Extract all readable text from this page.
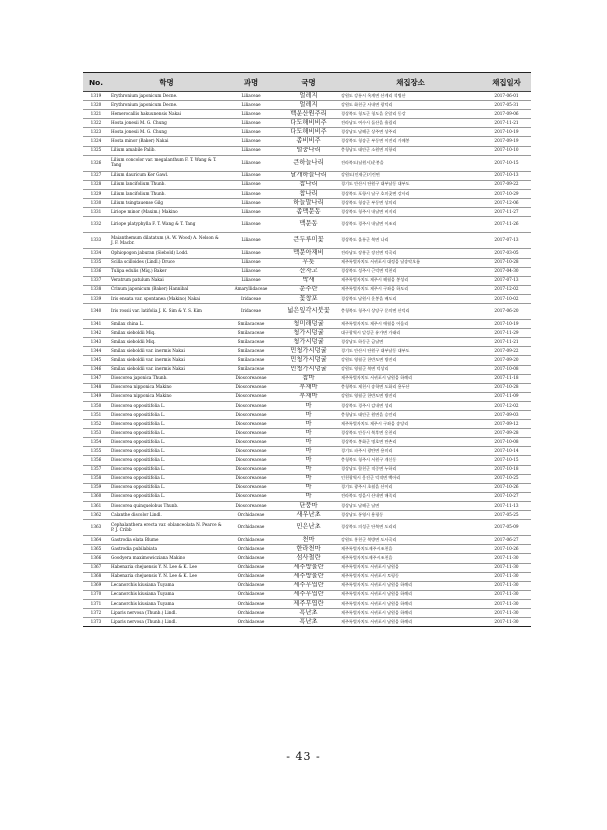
No.	학명	과명	국명	채집장소	채집일자
1319	Erythronium japonicum Decne.	Liliaceae	얼레지	강원도 강릉시 옥계면 산계리 석병산	2017-06-01
1320	Erythronium japonicum Decne.	Liliaceae	얼레지	강원도 화천군 사내면 광덕리	2017-05-31
1321	Hemerocallis hakuunensis Nakai	Liliaceae	백운산원추리	경상북도 청도군 청도읍 운암리 동강	2017-09-06
1322	Hosta jonesii M. G. Chung	Liliaceae	다도해비비추	전라남도 여수시 돌산읍 율림리	2017-11-21
1323	Hosta jonesii M. G. Chung	Liliaceae	다도해비비추	경상남도 남해군 상주면 상주리	2017-10-19
1324	Hosta minor (Baker) Nakai	Liliaceae	좀비비추	경상북도 청송군 부동면 이전리 가메봉	2017-09-19
1325	Lilium amabile Palib.	Liliaceae	털중나리	충청남도 태안군 소원면 의항리	2017-10-10
1326	Lilium concolor var. megalanthum F. T. Wang & T. Tang	Liliaceae	큰하늘나리	전라북도(남원시)운봉읍	2017-10-15
1327	Lilium dauricum Ker Gawl.	Liliaceae	날개하늘나리	강원도(인제군)기린면	2017-10-13
1328	Lilium lancifolium Thunb.	Liliaceae	참나리	경기도 안산시 단원구 대부남동 대부도	2017-09-22
1329	Lilium lancifolium Thunb.	Liliaceae	참나리	경상북도 포항시 남구 호미곶면 강사리	2017-10-29
1330	Lilium tsingtauense Gilg	Liliaceae	하늘말나리	경상북도 청송군 부동면 상의리	2017-12-06
1331	Liriope minor (Maxim.) Makino	Liliaceae	좀맥문동	경상북도 청주시 내남면 비지리	2017-11-27
1332	Liriope platyphylla F. T. Wang & T. Tang	Liliaceae	맥문동	경상북도 경주시 내남면 이조리	2017-11-26
1333	Maianthemum dilatatum (A. W. Wood) A. Nelson & J. F. Macbr.	Liliaceae	큰두루미꽃	경상북도 울릉군 북면 나리	2017-07-13
1334	Ophiopogon jaburan (Siebold) Lodd.	Liliaceae	맥문아재비	전라남도 장흥군 장선면 덕곡리	2017-03-05
1335	Scilla scilloides (Lindl.) Druce	Liliaceae	무릇	제주특별자치도 서귀포시 대정읍 남송악오름	2017-10-28
1336	Tulipa edulis (Miq.) Baker	Liliaceae	산자고	경상북도 성주시 근덕면 덕천리	2017-04-30
1337	Veratrum patulum Nakai	Liliaceae	박새	제주특별자치도 제주시 해월읍 봉성리	2017-07-13
1338	Crinum japonicum (Baker) Hannibal	Amaryllidaceae	문주란	제주특별자치도 제주시 구좌읍 하도리	2017-12-02
1339	Iris ensata var. spontanea (Makino) Nakai	Iridaceae	꽃창포	경상북도 남원시 운봉읍 배도리	2017-10-02
1340	Iris rossii var. latifolia J. K. Sim & Y. S. Kim	Iridaceae	넓은잎각시붓꽃	충청북도 청주시 상당구 문의면 산덕리	2017-06-20
1341	Smilax china L.	Smilacaceae	청미래덩굴	제주특별자치도 제주시 애월읍 어음리	2017-10-19
1342	Smilax sieboldii Miq.	Smilacaceae	청가시덩굴	대구광역시 달성군 유가면 가태리	2017-11-29
1343	Smilax sieboldii Miq.	Smilacaceae	청가시덩굴	경상남도 하동군 금남면	2017-11-21
1344	Smilax sieboldii var. inermis Nakai	Smilacaceae	민청가시덩굴	경기도 안산시 단원구 대부남동 대부도	2017-09-22
1345	Smilax sieboldii var. inermis Nakai	Smilacaceae	민청가시덩굴	강원도 영월군 한반도면 방진리	2017-09-20
1346	Smilax sieboldii var. inermis Nakai	Smilacaceae	민청가시덩굴	강원도 영월군 북면 덕상리	2017-10-08
1347	Dioscorea japonica Thunb.	Dioscoreaceae	참마	제주특별자치도 서귀포시 남원읍 하례리	2017-11-18
1348	Dioscorea nipponica Makino	Dioscoreaceae	부채마	충청북도 제천시 송학면 도화리 용두산	2017-10-28
1349	Dioscorea nipponica Makino	Dioscoreaceae	부채마	강원도 영월군 한반도면 방진리	2017-11-09
1350	Dioscorea oppositifolia L.	Dioscoreaceae	마	경상북도 경주시 감내면 성리	2017-12-02
1351	Dioscorea oppositifolia L.	Dioscoreaceae	마	충청남도 태안군 원면읍 승언리	2017-09-03
1352	Dioscorea oppositifolia L.	Dioscoreaceae	마	제주특별자치도 제주시 구좌읍 송당리	2017-09-12
1353	Dioscorea oppositifolia L.	Dioscoreaceae	마	경상북도 안동시 북후면 옹천리	2017-09-28
1354	Dioscorea oppositifolia L.	Dioscoreaceae	마	경상북도 봉화군 명호면 만촌리	2017-10-08
1355	Dioscorea oppositifolia L.	Dioscoreaceae	마	경기도 파주시 광탄면 용미리	2017-10-14
1356	Dioscorea oppositifolia L.	Dioscoreaceae	마	충청북도 청주시 서원구 개신동	2017-10-15
1357	Dioscorea oppositifolia L.	Dioscoreaceae	마	경상남도 합천군 적중면 누하리	2017-10-18
1358	Dioscorea oppositifolia L.	Dioscoreaceae	마	인천광역시 옹진군 덕적면 백아리	2017-10-25
1359	Dioscorea oppositifolia L.	Dioscoreaceae	마	경기도 광주시 초월읍 산이리	2017-10-26
1360	Dioscorea oppositifolia L.	Dioscoreaceae	마	전라북도 정읍시 산내면 매죽리	2017-10-27
1361	Dioscorea quinquelobus Thunb.	Dioscoreaceae	단풍마	경상남도 남해군 남면	2017-11-13
1362	Calanthe discolor Lindl.	Orchidaceae	새우난초	경상남도 통영시 용평동	2017-05-25
1363	Cephalanthera erecta var. oblanceolata N. Pearce & P. J. Cribb	Orchidaceae	민은난초	경상북도 의성군 단북면 도리리	2017-05-09
1364	Gastrodia elata Blume	Orchidaceae	천마	강원도 홍천군 북방면 도사곡리	2017-06-27
1365	Gastrodia pubilabiata	Orchidaceae	한라천마	제주특별자치도제주시조천읍	2017-10-26
1366	Goodyera maximowicziana Makino	Orchidaceae	섬사철란	제주특별자치도제주시조천읍	2017-11-30
1367	Habenaria chejuensis Y. N. Lee & K. Lee	Orchidaceae	제주방울란	제주특별자치도 서귀포시 남원읍	2017-11-30
1368	Habenaria chejuensis Y. N. Lee & K. Lee	Orchidaceae	제주방울란	제주특별자치도 서귀포시 토평동	2017-11-30
1369	Lecanorchis kiusiana Tuyama	Orchidaceae	제주무엽란	제주특별자치도 서귀포시 남원읍 하례리	2017-11-30
1370	Lecanorchis kiusiana Tuyama	Orchidaceae	제주무엽란	제주특별자치도 서귀포시 남원읍 하례리	2017-11-30
1371	Lecanorchis kiusiana Tuyama	Orchidaceae	제주무엽란	제주특별자치도 서귀포시 남원읍 하례리	2017-11-30
1372	Liparis nervosa (Thunb.) Lindl.	Orchidaceae	흑난초	제주특별자치도 서귀포시 남원읍 하례리	2017-11-30
1373	Liparis nervosa (Thunb.) Lindl.	Orchidaceae	흑난초	제주특별자치도 서귀포시 남원읍 하례리	2017-11-30
- 43 -
